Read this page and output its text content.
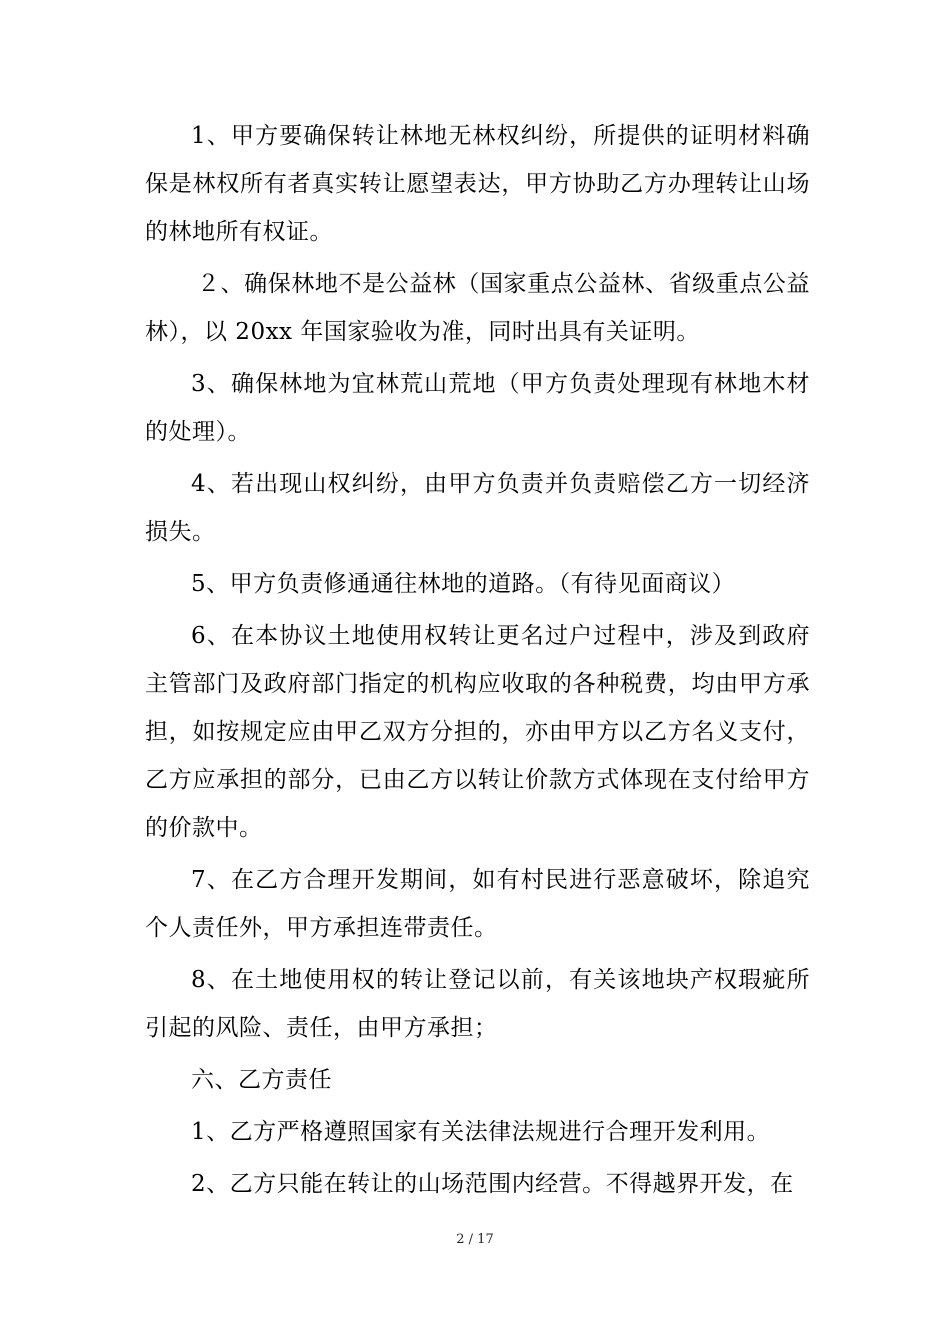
1、甲方要确保转让林地无林权纠纷，所提供的证明材料确保是林权所有者真实转让愿望表达，甲方协助乙方办理转让山场的林地所有权证。

２、确保林地不是公益林（国家重点公益林、省级重点公益林），以 20xx 年国家验收为准，同时出具有关证明。

3、确保林地为宜林荒山荒地（甲方负责处理现有林地木材的处理）。

4、若出现山权纠纷，由甲方负责并负责赔偿乙方一切经济损失。

5、甲方负责修通通往林地的道路。（有待见面商议）

6、在本协议土地使用权转让更名过户过程中，涉及到政府主管部门及政府部门指定的机构应收取的各种税费，均由甲方承担，如按规定应由甲乙双方分担的，亦由甲方以乙方名义支付，乙方应承担的部分，已由乙方以转让价款方式体现在支付给甲方的价款中。

7、在乙方合理开发期间，如有村民进行恶意破坏，除追究个人责任外，甲方承担连带责任。

8、在土地使用权的转让登记以前，有关该地块产权瑕疵所引起的风险、责任，由甲方承担；

六、乙方责任

1、乙方严格遵照国家有关法律法规进行合理开发利用。

2、乙方只能在转让的山场范围内经营。不得越界开发，在

2 / 17
